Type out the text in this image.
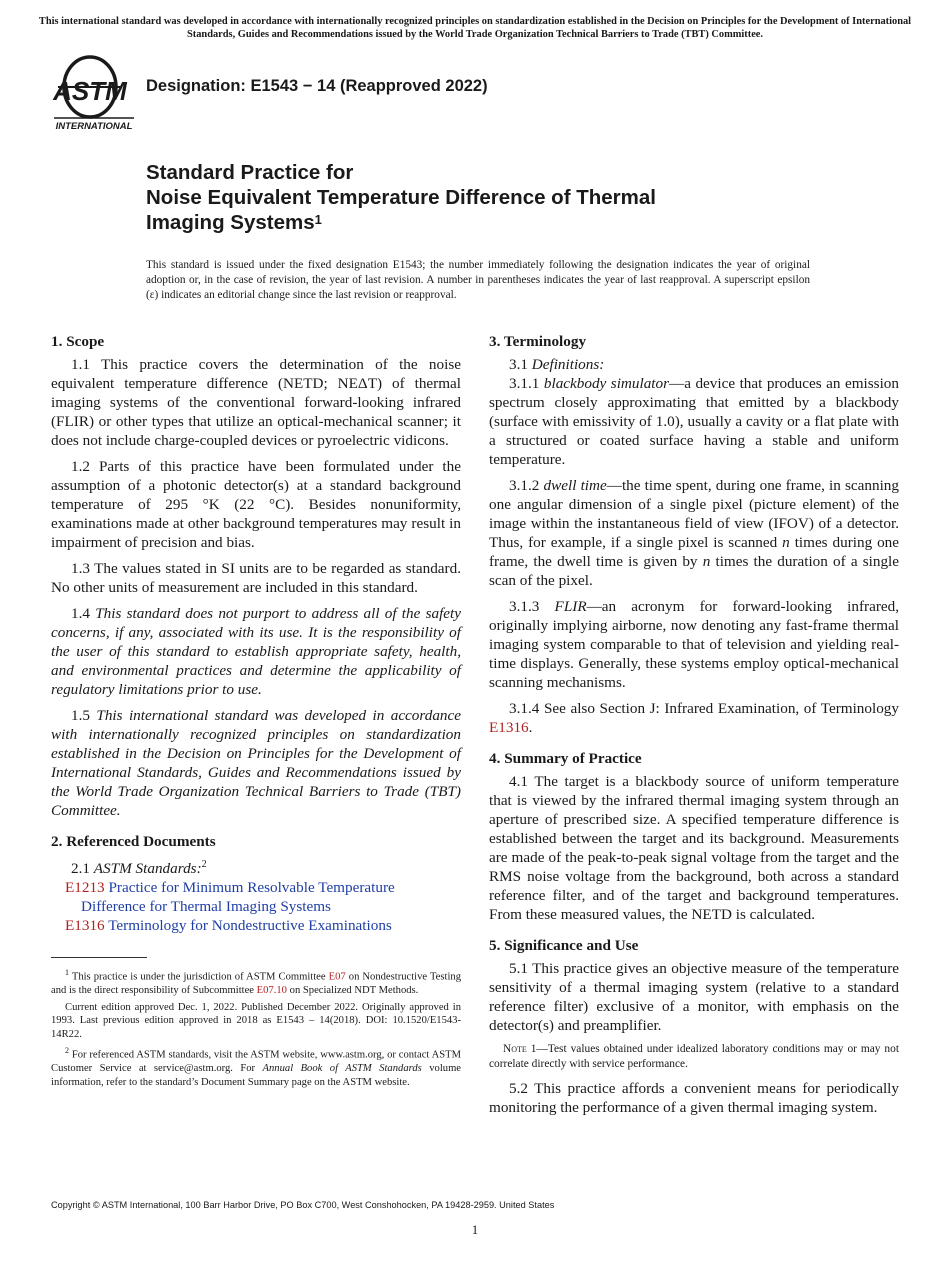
This international standard was developed in accordance with internationally recognized principles on standardization established in the Decision on Principles for the Development of International Standards, Guides and Recommendations issued by the World Trade Organization Technical Barriers to Trade (TBT) Committee.
ASTM
INTERNATIONAL
Designation: E1543 − 14 (Reapproved 2022)
Standard Practice for
Noise Equivalent Temperature Difference of Thermal
Imaging Systems$^1$
This standard is issued under the fixed designation E1543; the number immediately following the designation indicates the year of original adoption or, in the case of revision, the year of last revision. A number in parentheses indicates the year of last reapproval. A superscript epsilon (ε) indicates an editorial change since the last revision or reapproval.
1. Scope

1.1 This practice covers the determination of the noise equivalent temperature difference (NETD; NEΔT) of thermal imaging systems of the conventional forward-looking infrared (FLIR) or other types that utilize an optical-mechanical scanner; it does not include charge-coupled devices or pyroelectric vidicons.

1.2 Parts of this practice have been formulated under the assumption of a photonic detector(s) at a standard background temperature of 295 °K (22 °C). Besides nonuniformity, examinations made at other background temperatures may result in impairment of precision and bias.

1.3 The values stated in SI units are to be regarded as standard. No other units of measurement are included in this standard.

1.4 This standard does not purport to address all of the safety concerns, if any, associated with its use. It is the responsibility of the user of this standard to establish appropriate safety, health, and environmental practices and determine the applicability of regulatory limitations prior to use.

1.5 This international standard was developed in accordance with internationally recognized principles on standardization established in the Decision on Principles for the Development of International Standards, Guides and Recommendations issued by the World Trade Organization Technical Barriers to Trade (TBT) Committee.

2. Referenced Documents

2.1 ASTM Standards:$^2$

E1213 Practice for Minimum Resolvable Temperature Difference for Thermal Imaging Systems
E1316 Terminology for Nondestructive Examinations

$^1$ This practice is under the jurisdiction of ASTM Committee E07 on Nondestructive Testing and is the direct responsibility of Subcommittee E07.10 on Specialized NDT Methods.

Current edition approved Dec. 1, 2022. Published December 2022. Originally approved in 1993. Last previous edition approved in 2018 as E1543 – 14(2018). DOI: 10.1520/E1543-14R22.

$^2$ For referenced ASTM standards, visit the ASTM website, www.astm.org, or contact ASTM Customer Service at service@astm.org. For Annual Book of ASTM Standards volume information, refer to the standard’s Document Summary page on the ASTM website.

3. Terminology

3.1 Definitions:

3.1.1 blackbody simulator—a device that produces an emission spectrum closely approximating that emitted by a blackbody (surface with emissivity of 1.0), usually a cavity or a flat plate with a structured or coated surface having a stable and uniform temperature.

3.1.2 dwell time—the time spent, during one frame, in scanning one angular dimension of a single pixel (picture element) of the image within the instantaneous field of view (IFOV) of a detector. Thus, for example, if a single pixel is scanned n times during one frame, the dwell time is given by n times the duration of a single scan of the pixel.

3.1.3 FLIR—an acronym for forward-looking infrared, originally implying airborne, now denoting any fast-frame thermal imaging system comparable to that of television and yielding real-time displays. Generally, these systems employ optical-mechanical scanning mechanisms.

3.1.4 See also Section J: Infrared Examination, of Terminology E1316.

4. Summary of Practice

4.1 The target is a blackbody source of uniform temperature that is viewed by the infrared thermal imaging system through an aperture of prescribed size. A specified temperature difference is established between the target and its background. Measurements are made of the peak-to-peak signal voltage from the target and the RMS noise voltage from the background, both across a standard reference filter, and of the target and background temperatures. From these measured values, the NETD is calculated.

5. Significance and Use

5.1 This practice gives an objective measure of the temperature sensitivity of a thermal imaging system (relative to a standard reference filter) exclusive of a monitor, with emphasis on the detector(s) and preamplifier.

Note 1—Test values obtained under idealized laboratory conditions may or may not correlate directly with service performance.

5.2 This practice affords a convenient means for periodically monitoring the performance of a given thermal imaging system.

Copyright © ASTM International, 100 Barr Harbor Drive, PO Box C700, West Conshohocken, PA 19428-2959. United States
1
